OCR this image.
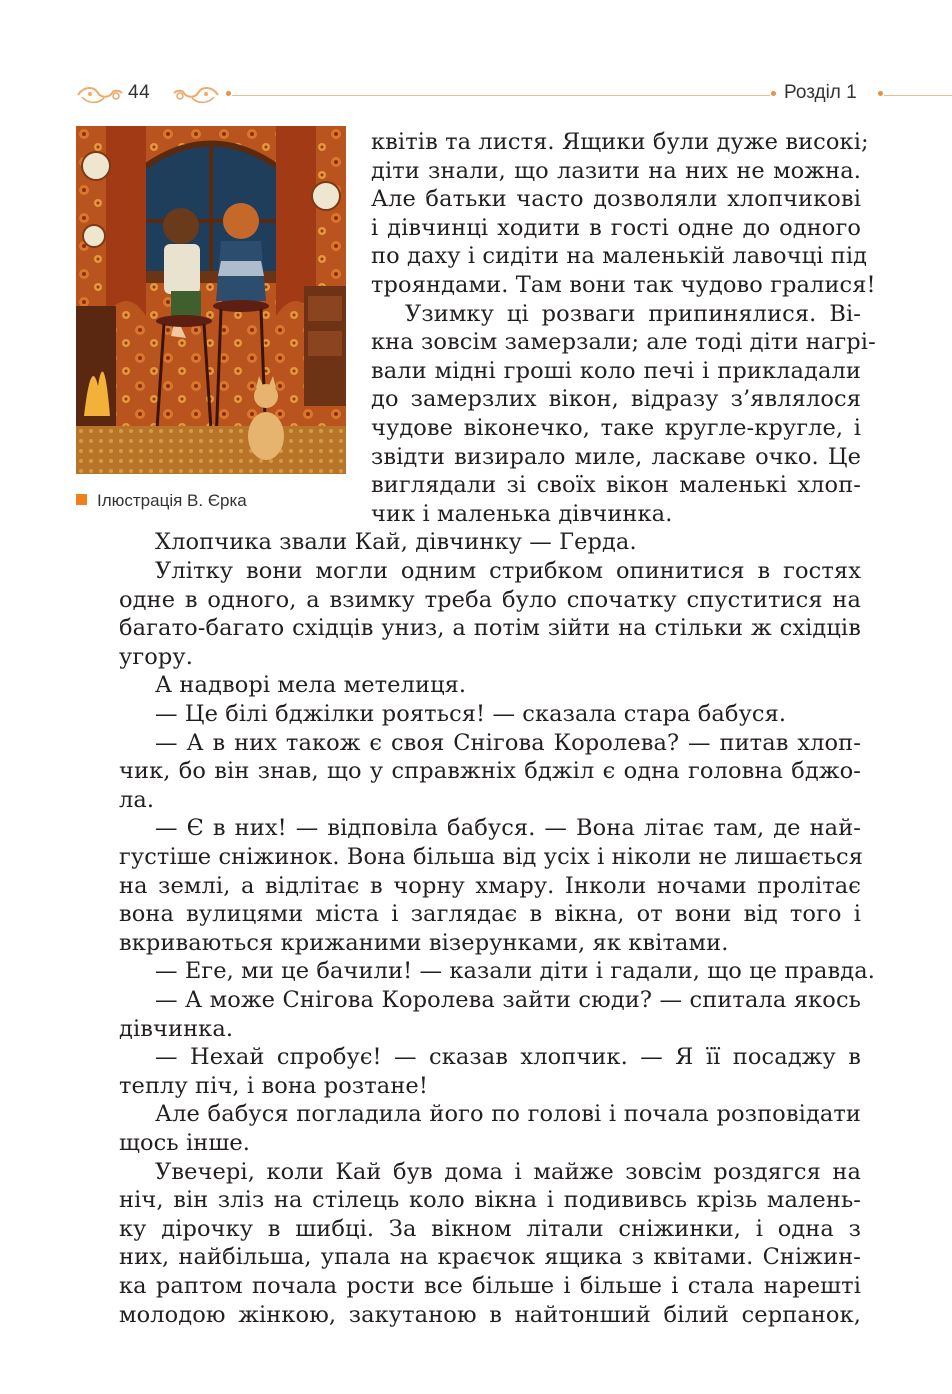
44	Розділ 1
Ілюстрація В. Єрка
квітів та листя. Ящики були дуже високі;
діти знали, що лазити на них не можна.
Але батьки часто дозволяли хлопчикові
і дівчинці ходити в гості одне до одного
по даху і сидіти на маленькій лавочці під
трояндами. Там вони так чудово гралися!
Узимку ці розваги припинялися. Ві-
кна зовсім замерзали; але тоді діти нагрі-
вали мідні гроші коло печі і прикладали
до замерзлих вікон, відразу з’являлося
чудове віконечко, таке кругле-кругле, і
звідти визирало миле, ласкаве очко. Це
виглядали зі своїх вікон маленькі хлоп-
чик і маленька дівчинка.
Хлопчика звали Кай, дівчинку — Герда.
Улітку вони могли одним стрибком опинитися в гостях
одне в одного, а взимку треба було спочатку спуститися на
багато-багато східців униз, а потім зійти на стільки ж східців
угору.
А надворі мела метелиця.
— Це білі бджілки рояться! — сказала стара бабуся.
— А в них також є своя Снігова Королева? — питав хлоп-
чик, бо він знав, що у справжніх бджіл є одна головна бджо-
ла.
— Є в них! — відповіла бабуся. — Вона літає там, де най-
густіше сніжинок. Вона більша від усіх і ніколи не лишається
на землі, а відлітає в чорну хмару. Інколи ночами пролітає
вона вулицями міста і заглядає в вікна, от вони від того і
вкриваються крижаними візерунками, як квітами.
— Еге, ми це бачили! — казали діти і гадали, що це правда.
— А може Снігова Королева зайти сюди? — спитала якось
дівчинка.
— Нехай спробує! — сказав хлопчик. — Я її посаджу в
теплу піч, і вона розтане!
Але бабуся погладила його по голові і почала розповідати
щось інше.
Увечері, коли Кай був дома і майже зовсім роздягся на
ніч, він зліз на стілець коло вікна і подививсь крізь малень-
ку дірочку в шибці. За вікном літали сніжинки, і одна з
них, найбільша, упала на краєчок ящика з квітами. Сніжин-
ка раптом почала рости все більше і більше і стала нарешті
молодою жінкою, закутаною в найтонший білий серпанок,
